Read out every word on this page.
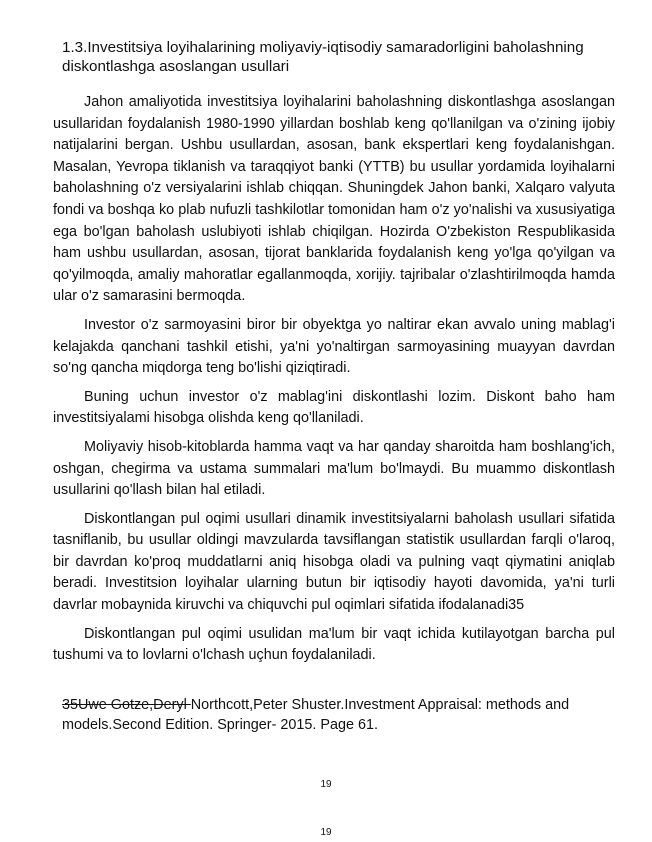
1.3.Investitsiya loyihalarining moliyaviy-iqtisodiy samaradorligini baholashning diskontlashga asoslangan usullari

Jahon amaliyotida investitsiya loyihalarini baholashning diskontlashga asoslangan usullaridan foydalanish 1980-1990 yillardan boshlab keng qo'llanilgan va o'zining ijobiy natijalarini bergan. Ushbu usullardan, asosan, bank ekspertlari keng foydalanishgan. Masalan, Yevropa tiklanish va taraqqiyot banki (YTTB) bu usullar yordamida loyihalarni baholashning o'z versiyalarini ishlab chiqqan. Shuningdek Jahon banki, Xalqaro valyuta fondi va boshqa ko plab nufuzli tashkilotlar tomonidan ham o'z yo'nalishi va xususiyatiga ega bo'lgan baholash uslubiyoti ishlab chiqilgan. Hozirda O'zbekiston Respublikasida ham ushbu usullardan, asosan, tijorat banklarida foydalanish keng yo'lga qo'yilgan va qo'yilmoqda, amaliy mahoratlar egallanmoqda, xorijiy. tajribalar o'zlashtirilmoqda hamda ular o'z samarasini bermoqda.

Investor o'z sarmoyasini biror bir obyektga yo naltirar ekan avvalo uning mablag'i kelajakda qanchani tashkil etishi, ya'ni yo'naltirgan sarmoyasining muayyan davrdan so'ng qancha miqdorga teng bo'lishi qiziqtiradi.

Buning uchun investor o'z mablag'ini diskontlashi lozim. Diskont baho ham investitsiyalami hisobga olishda keng qo'llaniladi.

Moliyaviy hisob-kitoblarda hamma vaqt va har qanday sharoitda ham boshlang'ich, oshgan, chegirma va ustama summalari ma'lum bo'lmaydi. Bu muammo diskontlash usullarini qo'llash bilan hal etiladi.

Diskontlangan pul oqimi usullari dinamik investitsiyalarni baholash usullari sifatida tasniflanib, bu usullar oldingi mavzularda tavsiflangan statistik usullardan farqli o'laroq, bir davrdan ko'proq muddatlarni aniq hisobga oladi va pulning vaqt qiymatini aniqlab beradi. Investitsion loyihalar ularning butun bir iqtisodiy hayoti davomida, ya'ni turli davrlar mobaynida kiruvchi va chiquvchi pul oqimlari sifatida ifodalanadi35

Diskontlangan pul oqimi usulidan ma'lum bir vaqt ichida kutilayotgan barcha pul tushumi va to lovlarni o'lchash uçhun foydalaniladi.

35Uwe Gotze,Deryl Northcott,Peter Shuster.Investment Appraisal: methods and models.Second Edition. Springer- 2015. Page 61.
19
19
